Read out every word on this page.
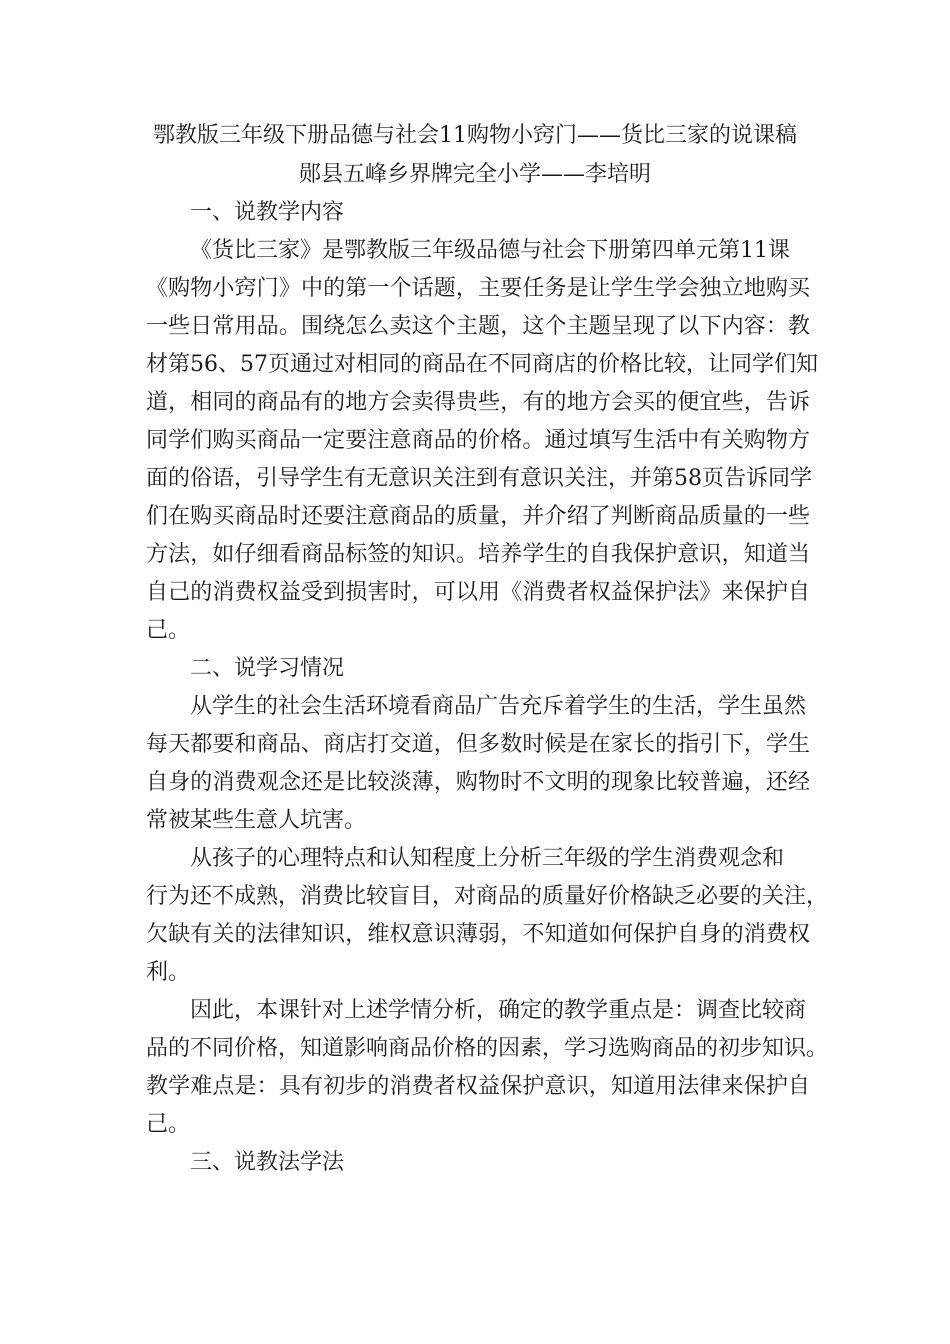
鄂教版三年级下册品德与社会11购物小窍门——货比三家的说课稿
郧县五峰乡界牌完全小学——李培明
一、说教学内容
《货比三家》是鄂教版三年级品德与社会下册第四单元第11课
《购物小窍门》中的第一个话题，主要任务是让学生学会独立地购买
一些日常用品。围绕怎么卖这个主题，这个主题呈现了以下内容：教
材第56、57页通过对相同的商品在不同商店的价格比较，让同学们知
道，相同的商品有的地方会卖得贵些，有的地方会买的便宜些，告诉
同学们购买商品一定要注意商品的价格。通过填写生活中有关购物方
面的俗语，引导学生有无意识关注到有意识关注，并第58页告诉同学
们在购买商品时还要注意商品的质量，并介绍了判断商品质量的一些
方法，如仔细看商品标签的知识。培养学生的自我保护意识，知道当
自己的消费权益受到损害时，可以用《消费者权益保护法》来保护自
己。
二、说学习情况
从学生的社会生活环境看商品广告充斥着学生的生活，学生虽然
每天都要和商品、商店打交道，但多数时候是在家长的指引下，学生
自身的消费观念还是比较淡薄，购物时不文明的现象比较普遍，还经
常被某些生意人坑害。
从孩子的心理特点和认知程度上分析三年级的学生消费观念和
行为还不成熟，消费比较盲目，对商品的质量好价格缺乏必要的关注，
欠缺有关的法律知识，维权意识薄弱，不知道如何保护自身的消费权
利。
因此，本课针对上述学情分析，确定的教学重点是：调查比较商
品的不同价格，知道影响商品价格的因素，学习选购商品的初步知识。
教学难点是：具有初步的消费者权益保护意识，知道用法律来保护自
己。
三、说教法学法
